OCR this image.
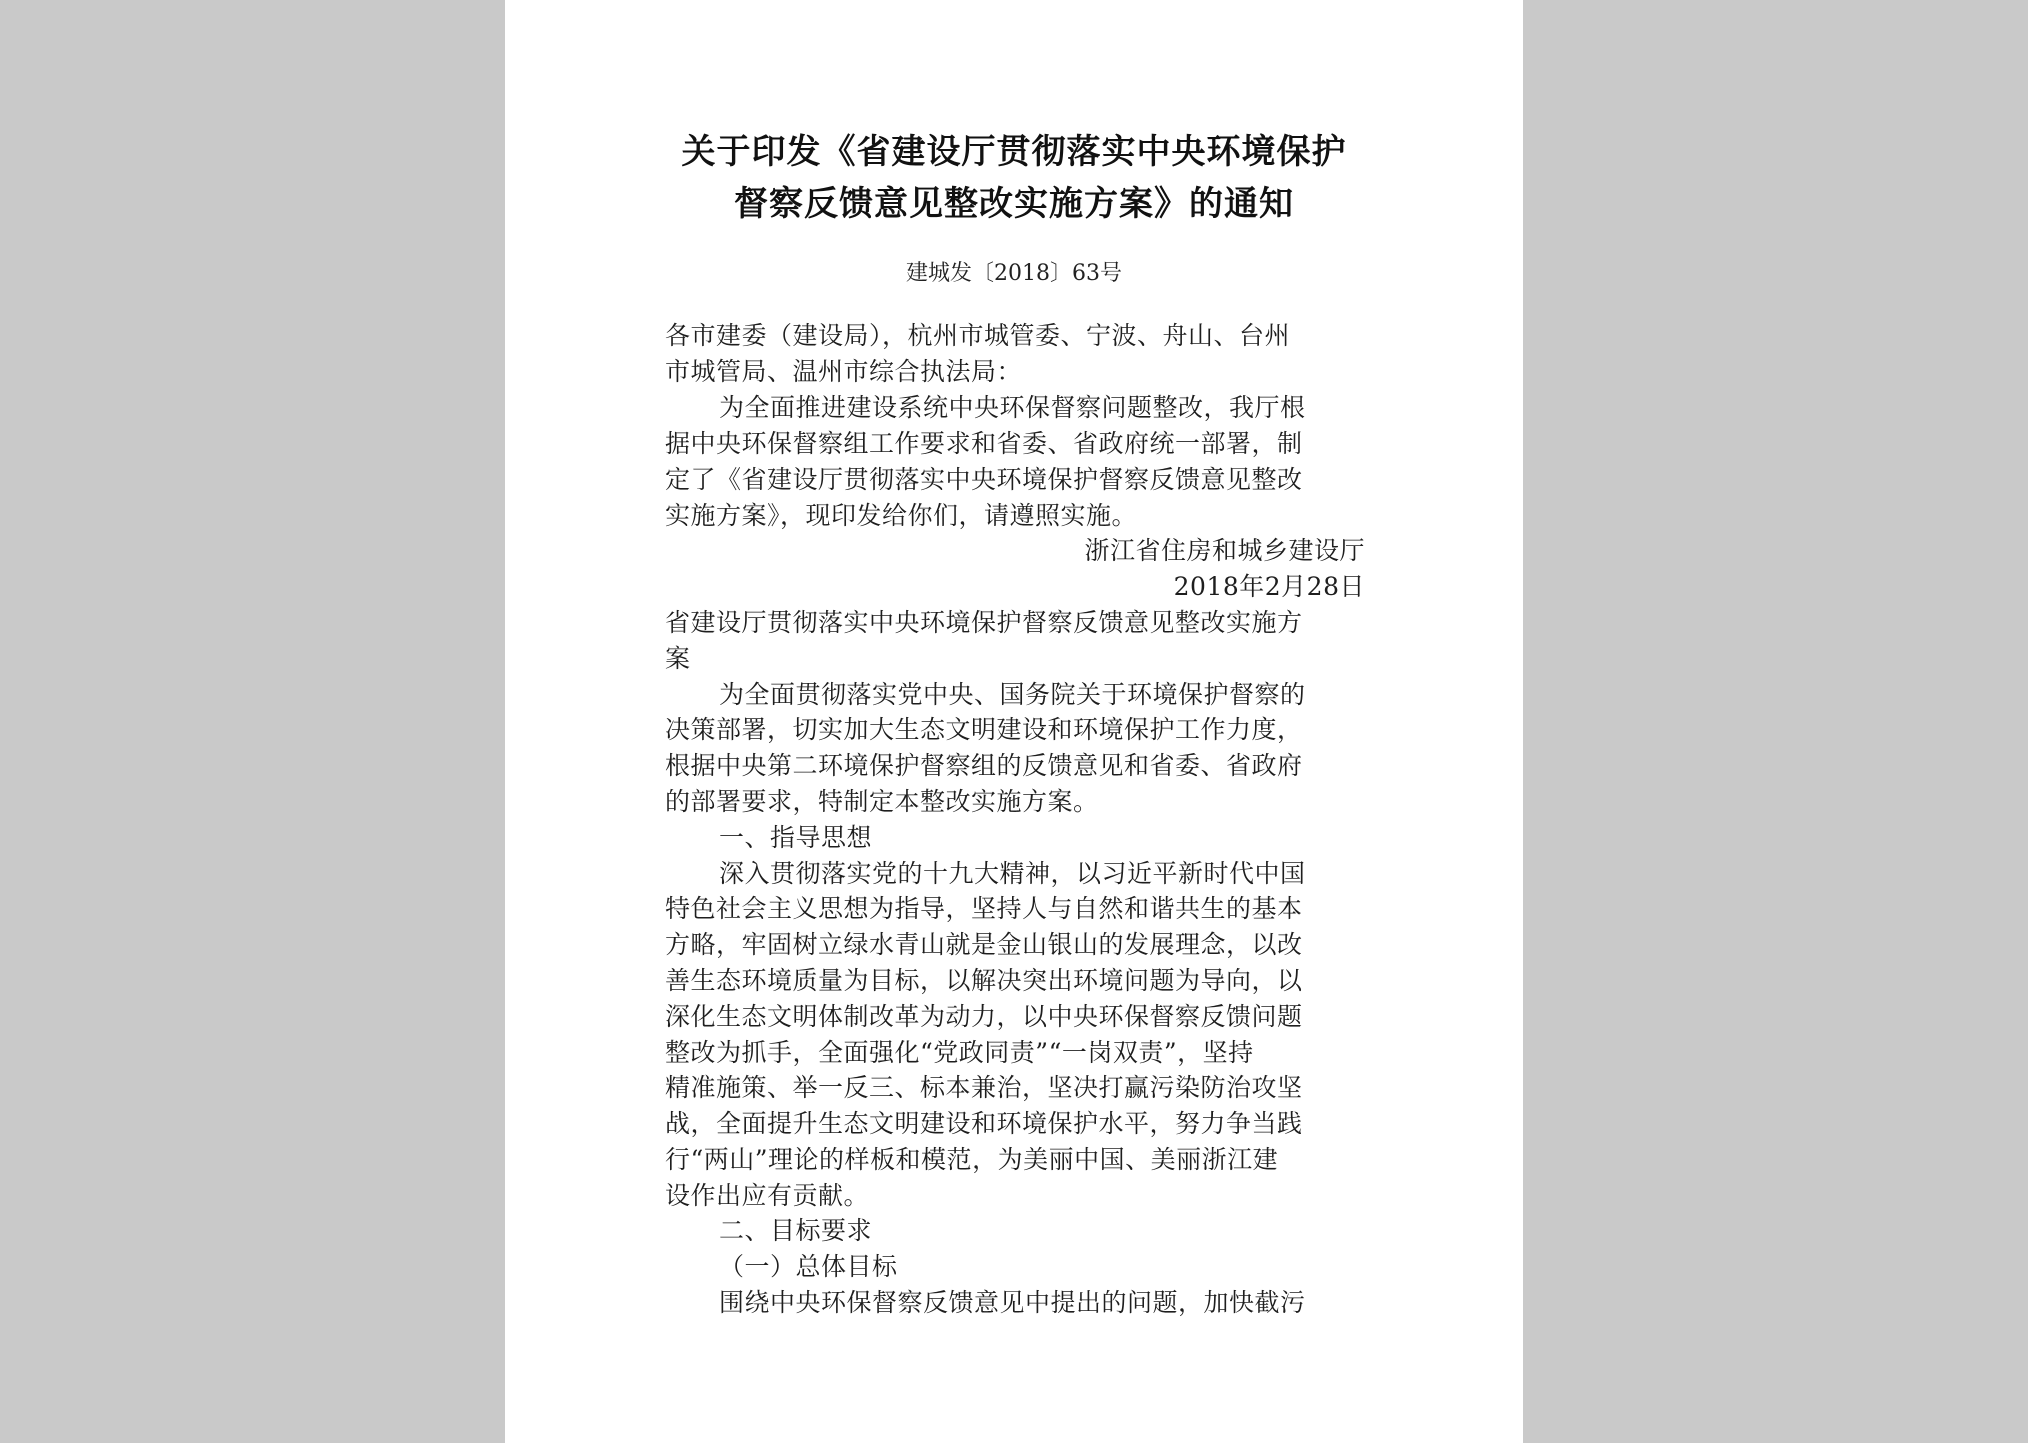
关于印发《省建设厅贯彻落实中央环境保护
督察反馈意见整改实施方案》的通知
建城发〔2018〕63号
各市建委（建设局），杭州市城管委、宁波、舟山、台州
市城管局、温州市综合执法局：
为全面推进建设系统中央环保督察问题整改，我厅根
据中央环保督察组工作要求和省委、省政府统一部署，制
定了《省建设厅贯彻落实中央环境保护督察反馈意见整改
实施方案》，现印发给你们，请遵照实施。
浙江省住房和城乡建设厅
2018年2月28日
省建设厅贯彻落实中央环境保护督察反馈意见整改实施方
案
为全面贯彻落实党中央、国务院关于环境保护督察的
决策部署，切实加大生态文明建设和环境保护工作力度，
根据中央第二环境保护督察组的反馈意见和省委、省政府
的部署要求，特制定本整改实施方案。
一、指导思想
深入贯彻落实党的十九大精神，以习近平新时代中国
特色社会主义思想为指导，坚持人与自然和谐共生的基本
方略，牢固树立绿水青山就是金山银山的发展理念，以改
善生态环境质量为目标，以解决突出环境问题为导向，以
深化生态文明体制改革为动力，以中央环保督察反馈问题
整改为抓手，全面强化“党政同责”“一岗双责”，坚持
精准施策、举一反三、标本兼治，坚决打赢污染防治攻坚
战，全面提升生态文明建设和环境保护水平，努力争当践
行“两山”理论的样板和模范，为美丽中国、美丽浙江建
设作出应有贡献。
二、目标要求
（一）总体目标
围绕中央环保督察反馈意见中提出的问题，加快截污
